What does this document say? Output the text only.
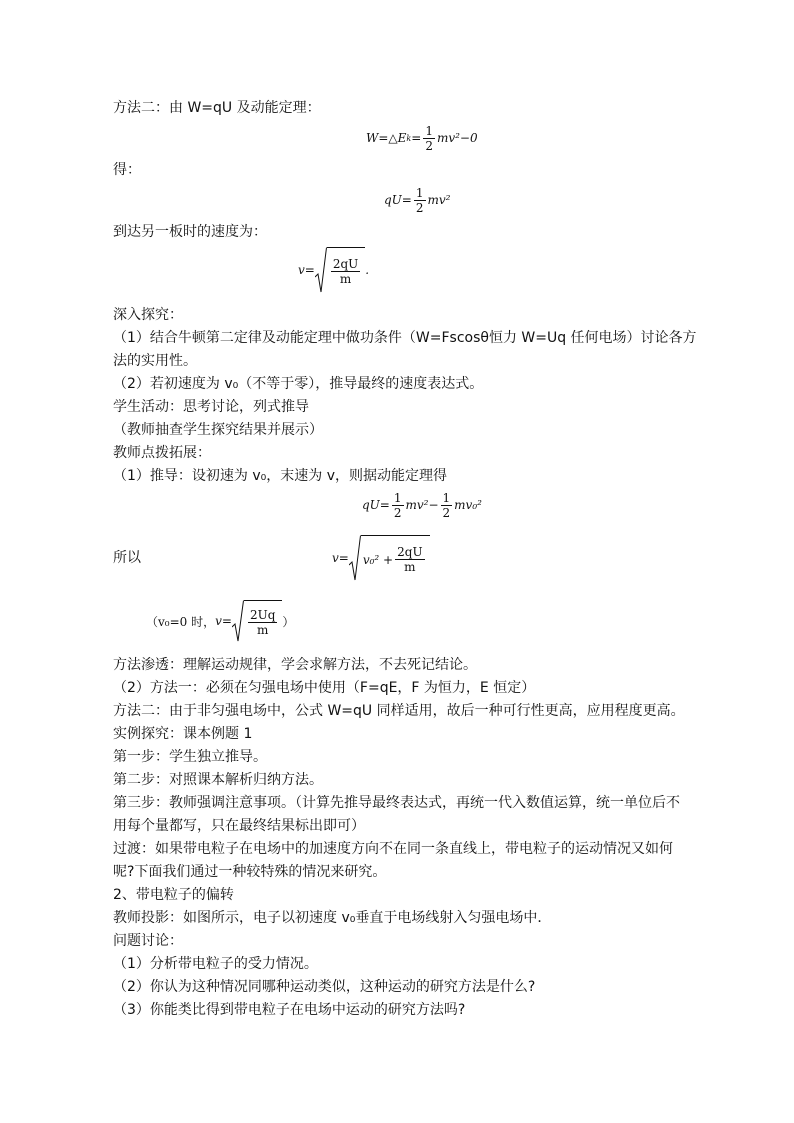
方法二：由 W=qU 及动能定理：
W=△E $k = \frac{1}{2} mv^2-0$
得：
$qU= \frac{1}{2} mv^2$
到达另一板时的速度为：
$v= \frac{2qU}{m}$ .
深入探究：
（1）结合牛顿第二定律及动能定理中做功条件（W=Fscosθ恒力 W=Uq 任何电场）讨论各方
法的实用性。
（2）若初速度为 v₀（不等于零），推导最终的速度表达式。
学生活动：思考讨论，列式推导
（教师抽查学生探究结果并展示）
教师点拨拓展：
（1）推导：设初速为 v₀，末速为 v，则据动能定理得
$qU= \frac{1}{2} mv^2- \frac{1}{2} mv_0^2$
所以	$v= v_0^2 + \frac{2qU}{m}$
（v₀=0 时， $v= \frac{2Uq}{m}$ ）
方法渗透：理解运动规律，学会求解方法，不去死记结论。
（2）方法一：必须在匀强电场中使用（F=qE，F 为恒力，E 恒定）
方法二：由于非匀强电场中，公式 W=qU 同样适用，故后一种可行性更高，应用程度更高。
实例探究：课本例题 1
第一步：学生独立推导。
第二步：对照课本解析归纳方法。
第三步：教师强调注意事项。（计算先推导最终表达式，再统一代入数值运算，统一单位后不
用每个量都写，只在最终结果标出即可）
过渡：如果带电粒子在电场中的加速度方向不在同一条直线上，带电粒子的运动情况又如何
呢?下面我们通过一种较特殊的情况来研究。
2、带电粒子的偏转
教师投影：如图所示，电子以初速度 v₀垂直于电场线射入匀强电场中．
问题讨论：
（1）分析带电粒子的受力情况。
（2）你认为这种情况同哪种运动类似，这种运动的研究方法是什么?
（3）你能类比得到带电粒子在电场中运动的研究方法吗?
